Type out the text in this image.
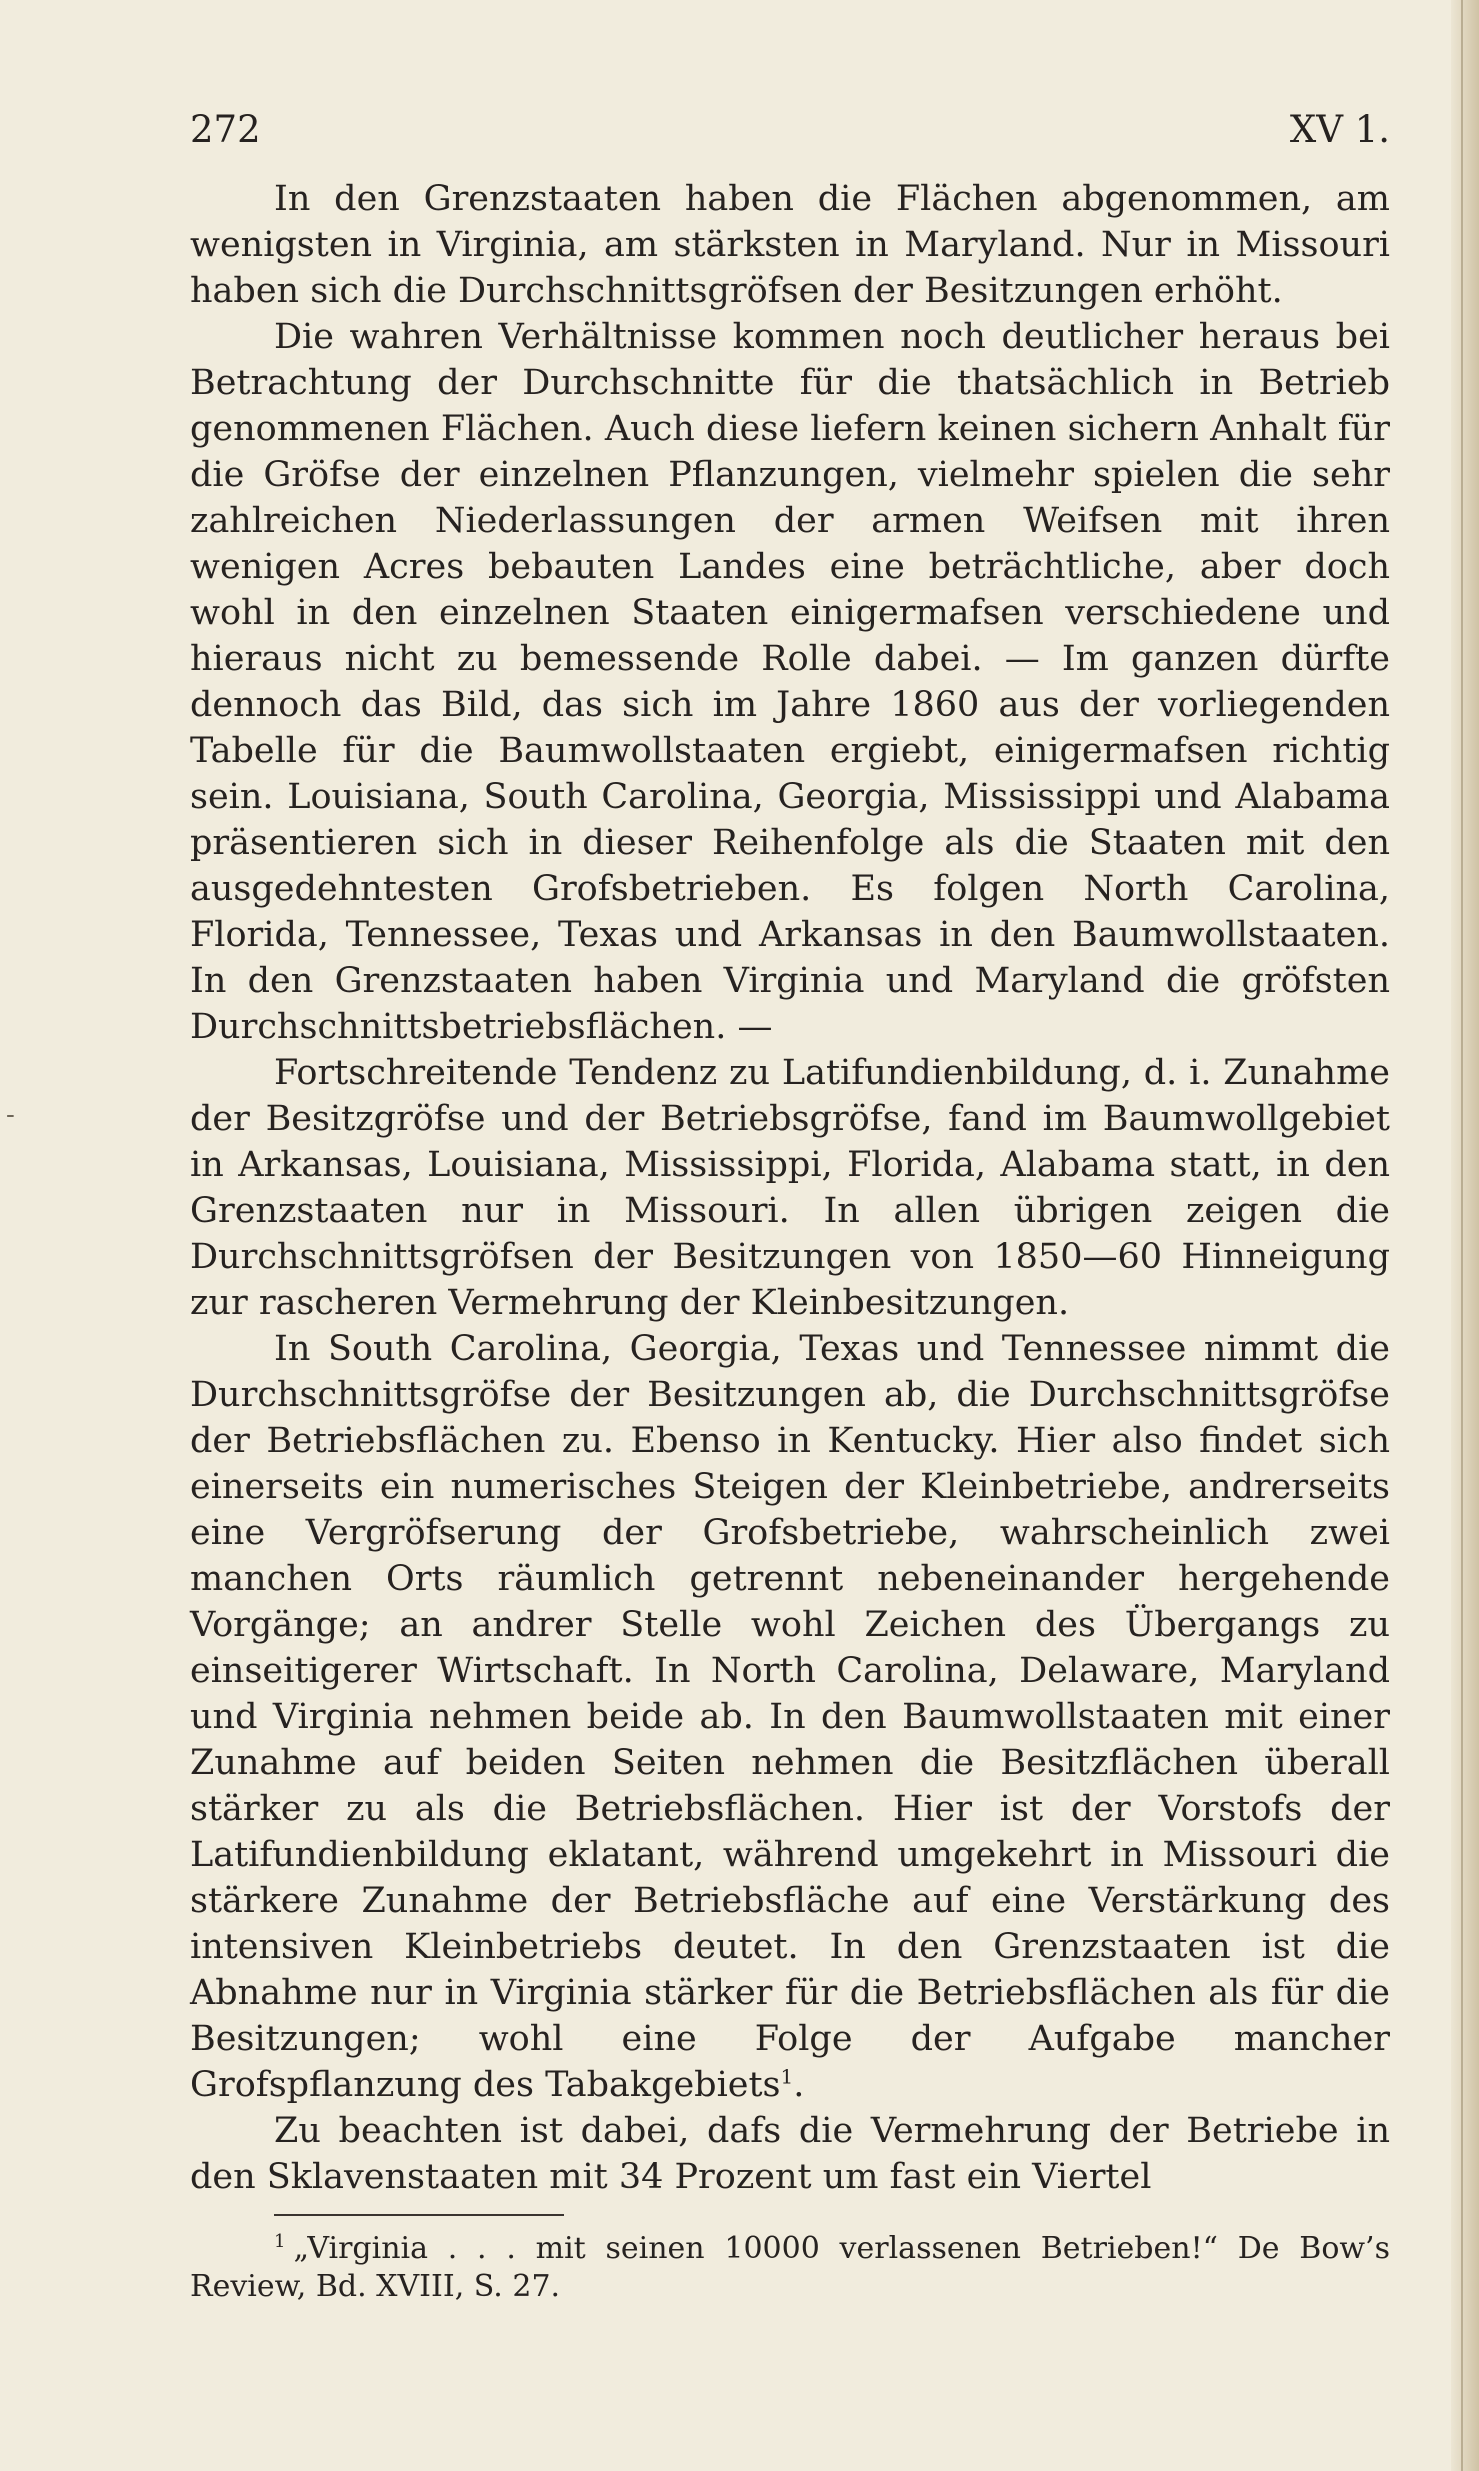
-
272	XV 1.

In den Grenzstaaten haben die Flächen abgenommen, am wenigsten in Virginia, am stärksten in Maryland. Nur in Missouri haben sich die Durchschnittsgröfsen der Besitzungen erhöht.

Die wahren Verhältnisse kommen noch deutlicher heraus bei Betrachtung der Durchschnitte für die thatsächlich in Betrieb genommenen Flächen. Auch diese liefern keinen sichern Anhalt für die Gröfse der einzelnen Pflanzungen, vielmehr spielen die sehr zahlreichen Niederlassungen der armen Weifsen mit ihren wenigen Acres bebauten Landes eine beträchtliche, aber doch wohl in den einzelnen Staaten einigermafsen verschiedene und hieraus nicht zu bemessende Rolle dabei. — Im ganzen dürfte dennoch das Bild, das sich im Jahre 1860 aus der vorliegenden Tabelle für die Baumwollstaaten ergiebt, einigermafsen richtig sein. Louisiana, South Carolina, Georgia, Mississippi und Alabama präsentieren sich in dieser Reihenfolge als die Staaten mit den ausgedehntesten Grofsbetrieben. Es folgen North Carolina, Florida, Tennessee, Texas und Arkansas in den Baumwollstaaten. In den Grenzstaaten haben Virginia und Maryland die gröfsten Durchschnittsbetriebsflächen. —

Fortschreitende Tendenz zu Latifundienbildung, d. i. Zunahme der Besitzgröfse und der Betriebsgröfse, fand im Baumwollgebiet in Arkansas, Louisiana, Mississippi, Florida, Alabama statt, in den Grenzstaaten nur in Missouri. In allen übrigen zeigen die Durchschnittsgröfsen der Besitzungen von 1850—60 Hinneigung zur rascheren Vermehrung der Kleinbesitzungen.

In South Carolina, Georgia, Texas und Tennessee nimmt die Durchschnittsgröfse der Besitzungen ab, die Durchschnittsgröfse der Betriebsflächen zu. Ebenso in Kentucky. Hier also findet sich einerseits ein numerisches Steigen der Kleinbetriebe, andrerseits eine Vergröfserung der Grofsbetriebe, wahrscheinlich zwei manchen Orts räumlich getrennt nebeneinander hergehende Vorgänge; an andrer Stelle wohl Zeichen des Übergangs zu einseitigerer Wirtschaft. In North Carolina, Delaware, Maryland und Virginia nehmen beide ab. In den Baumwollstaaten mit einer Zunahme auf beiden Seiten nehmen die Besitzflächen überall stärker zu als die Betriebsflächen. Hier ist der Vorstofs der Latifundienbildung eklatant, während umgekehrt in Missouri die stärkere Zunahme der Betriebsfläche auf eine Verstärkung des intensiven Kleinbetriebs deutet. In den Grenzstaaten ist die Abnahme nur in Virginia stärker für die Betriebsflächen als für die Besitzungen; wohl eine Folge der Aufgabe mancher Grofspflanzung des Tabakgebiets$^1$.

Zu beachten ist dabei, dafs die Vermehrung der Betriebe in den Sklavenstaaten mit 34 Prozent um fast ein Viertel

$^1$ „Virginia . . . mit seinen 10000 verlassenen Betrieben!“ De Bow’s Review, Bd. XVIII, S. 27.
